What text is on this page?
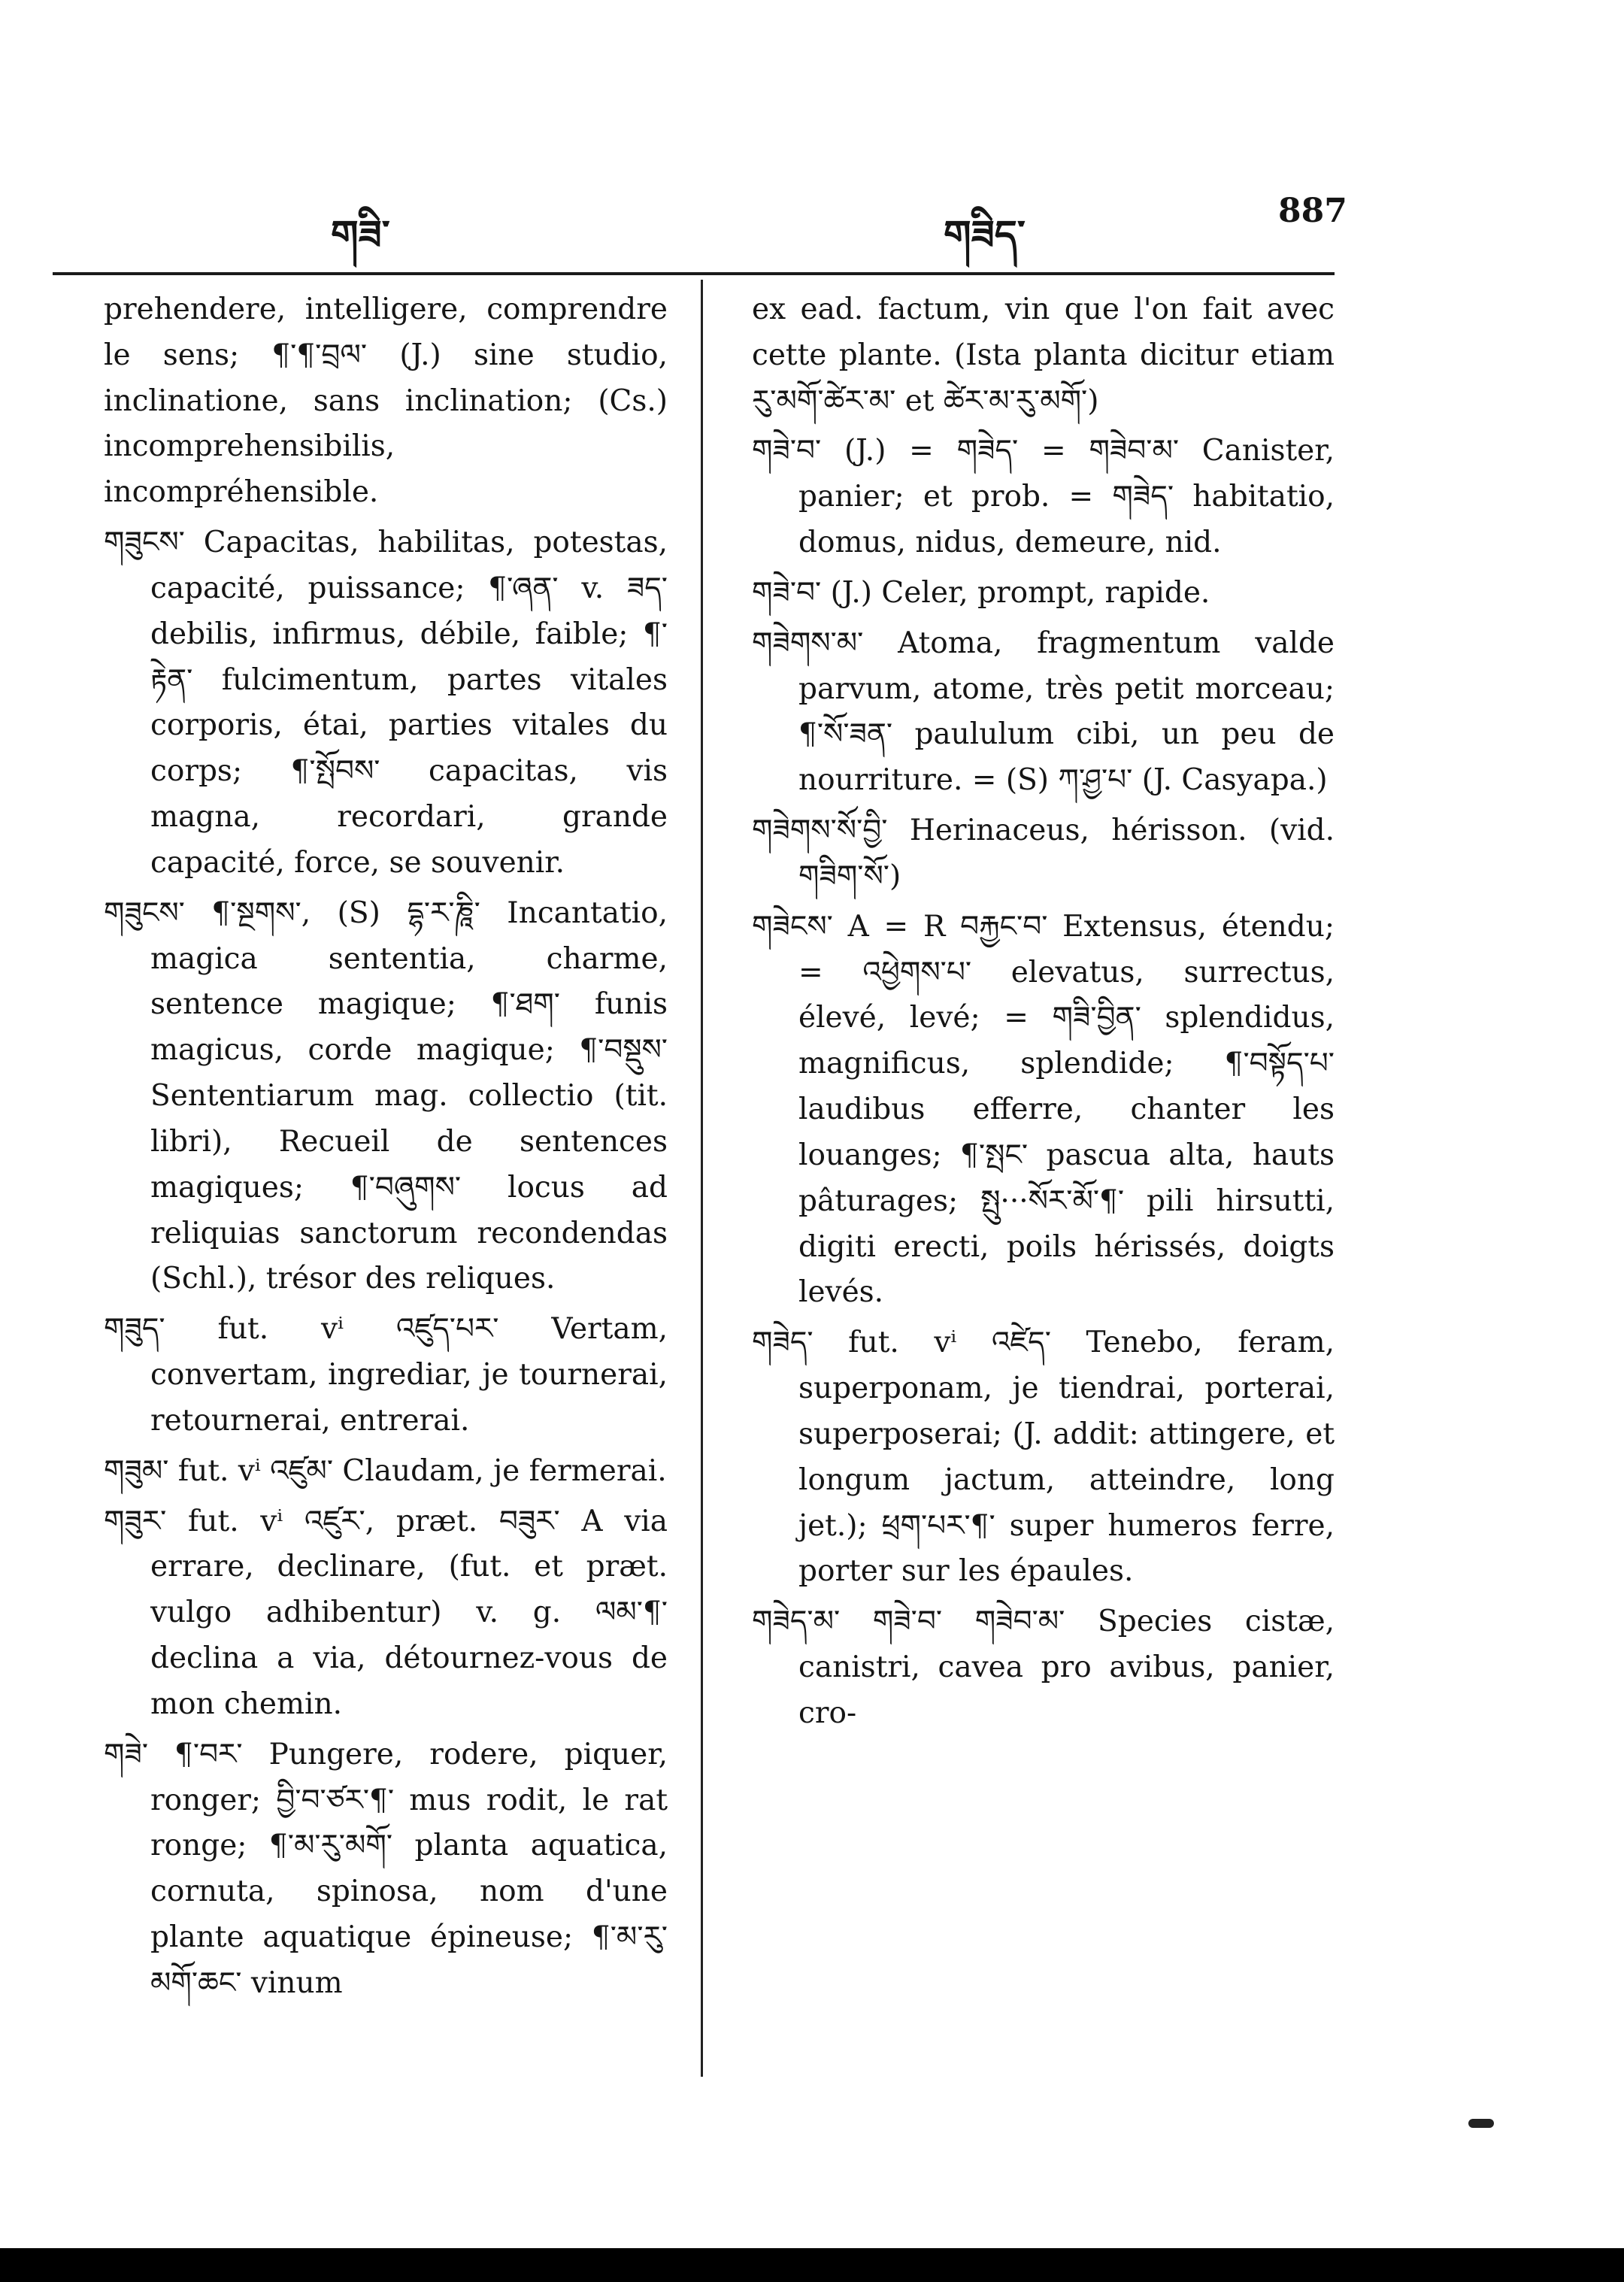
གཟི་	གཟིད་
887

prehendere, intelligere, comprendre le sens; ¶་¶་བྲལ་ (J.) sine studio, inclinatione, sans inclination; (Cs.) incomprehensibilis, incompréhensible.

གཟུངས་ Capacitas, habilitas, potestas, capacité, puissance; ¶་ཞན་ v. ཟད་ debilis, infirmus, débile, faible; ¶་རྟེན་ fulcimentum, partes vitales corporis, étai, parties vitales du corps; ¶་སྤོབས་ capacitas, vis magna, recordari, grande capacité, force, se souvenir.

གཟུངས་ ¶་སྔགས་, (S) དྷ་ར་ཎཱི་ Incantatio, magica sententia, charme, sentence magique; ¶་ཐག་ funis magicus, corde magique; ¶་བསྡུས་ Sententiarum mag. collectio (tit. libri), Recueil de sentences magiques; ¶་བཞུགས་ locus ad reliquias sanctorum recondendas (Schl.), trésor des reliques.

གཟུད་ fut. vⁱ འཛུད་པར་ Vertam, convertam, ingrediar, je tournerai, retournerai, entrerai.

གཟུམ་ fut. vⁱ འཛུམ་ Claudam, je fermerai.

གཟུར་ fut. vⁱ འཛུར་, præt. བཟུར་ A via errare, declinare, (fut. et præt. vulgo adhibentur) v. g. ལམ་¶་ declina a via, détournez-vous de mon chemin.

གཟེ་ ¶་བར་ Pungere, rodere, piquer, ronger; བྱི་བ་ཙར་¶་ mus rodit, le rat ronge; ¶་མ་རུ་མགོ་ planta aquatica, cornuta, spinosa, nom d'une plante aquatique épineuse; ¶་མ་རུ་མགོ་ཆང་ vinum

ex ead. factum, vin que l'on fait avec cette plante. (Ista planta dicitur etiam རུ་མགོ་ཚེར་མ་ et ཚེར་མ་རུ་མགོ་)

གཟེ་བ་ (J.) = གཟེད་ = གཟེབ་མ་ Canister, panier; et prob. = གཟེད་ habitatio, domus, nidus, demeure, nid.

གཟེ་བ་ (J.) Celer, prompt, rapide.

གཟེགས་མ་ Atoma, fragmentum valde parvum, atome, très petit morceau; ¶་སོ་ཟན་ paululum cibi, un peu de nourriture. = (S) ཀ་ཤྱ་པ་ (J. Casyapa.)

གཟེགས་སོ་བྱི་ Herinaceus, hérisson. (vid. གཟིག་སོ་)

གཟེངས་ A = R བརྐྱང་བ་ Extensus, étendu; = འཕྱེགས་པ་ elevatus, surrectus, élevé, levé; = གཟི་བྱིན་ splendidus, magnificus, splendide; ¶་བསྟོད་པ་ laudibus efferre, chanter les louanges; ¶་སྤང་ pascua alta, hauts pâturages; སྤུ···སོར་མོ་¶་ pili hirsutti, digiti erecti, poils hérissés, doigts levés.

གཟེད་ fut. vⁱ འཛེད་ Tenebo, feram, superponam, je tiendrai, porterai, superposerai; (J. addit: attingere, et longum jactum, atteindre, long jet.); ཕྲག་པར་¶་ super humeros ferre, porter sur les épaules.

གཟེད་མ་ གཟེ་བ་ གཟེབ་མ་ Species cistæ, canistri, cavea pro avibus, panier, cro-
